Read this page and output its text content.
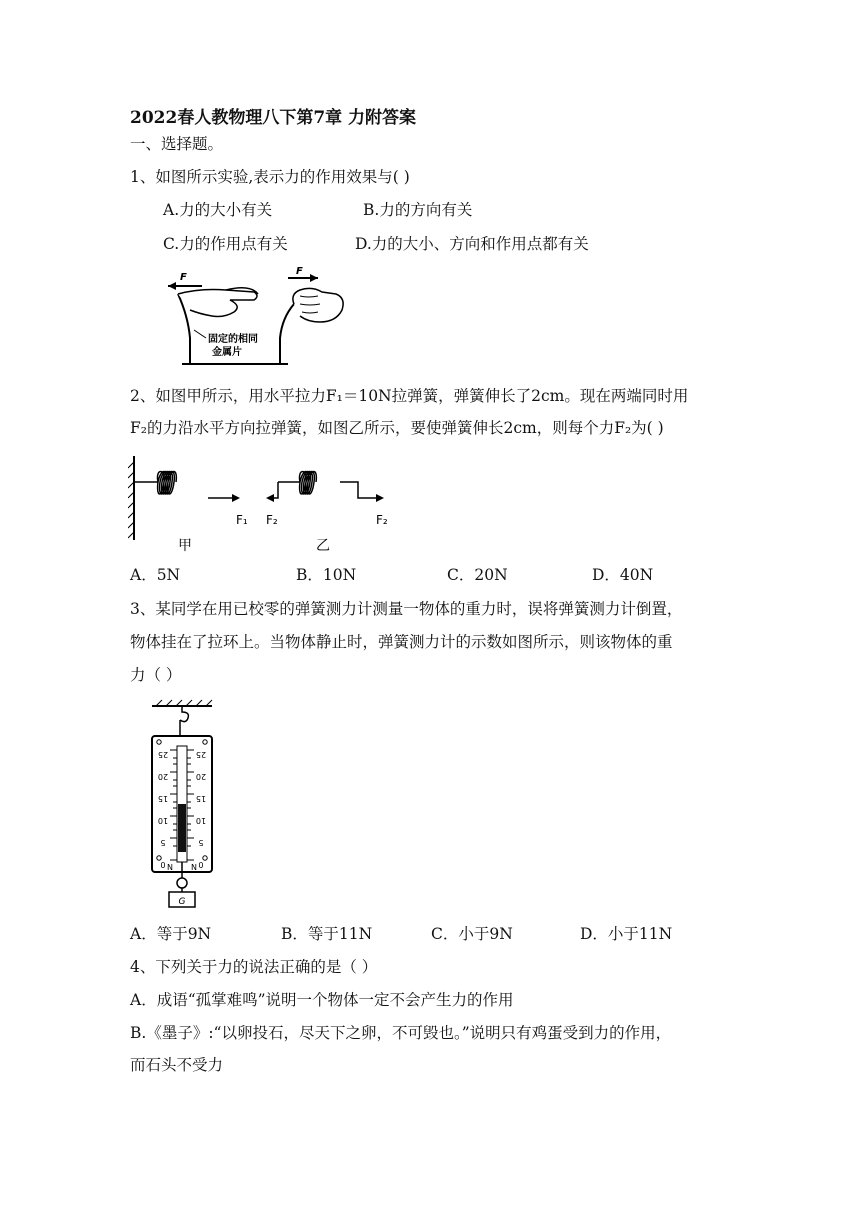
2022春人教物理八下第7章 力附答案
一、选择题。
1、如图所示实验,表示力的作用效果与( )
A.力的大小有关	B.力的方向有关
C.力的作用点有关	D.力的大小、方向和作用点都有关
F
F
固定的相同
金属片
2、如图甲所示，用水平拉力F₁＝10N拉弹簧，弹簧伸长了2cm。现在两端同时用
F₂的力沿水平方向拉弹簧，如图乙所示，要使弹簧伸长2cm，则每个力F₂为( )
F₁
甲
F₂	F₂
乙
A．5N	B．10N	C．20N	D．40N
3、某同学在用已校零的弹簧测力计测量一物体的重力时，误将弹簧测力计倒置，
物体挂在了拉环上。当物体静止时，弹簧测力计的示数如图所示，则该物体的重
力（ ）
25
20
15
10
5
0
25
20
15
10
5
0
N N
G
A．等于9N	B．等于11N	C．小于9N	D．小于11N
4、下列关于力的说法正确的是（ ）
A．成语“孤掌难鸣”说明一个物体一定不会产生力的作用
B.《墨子》:“以卵投石，尽天下之卵，不可毁也。”说明只有鸡蛋受到力的作用，
而石头不受力
